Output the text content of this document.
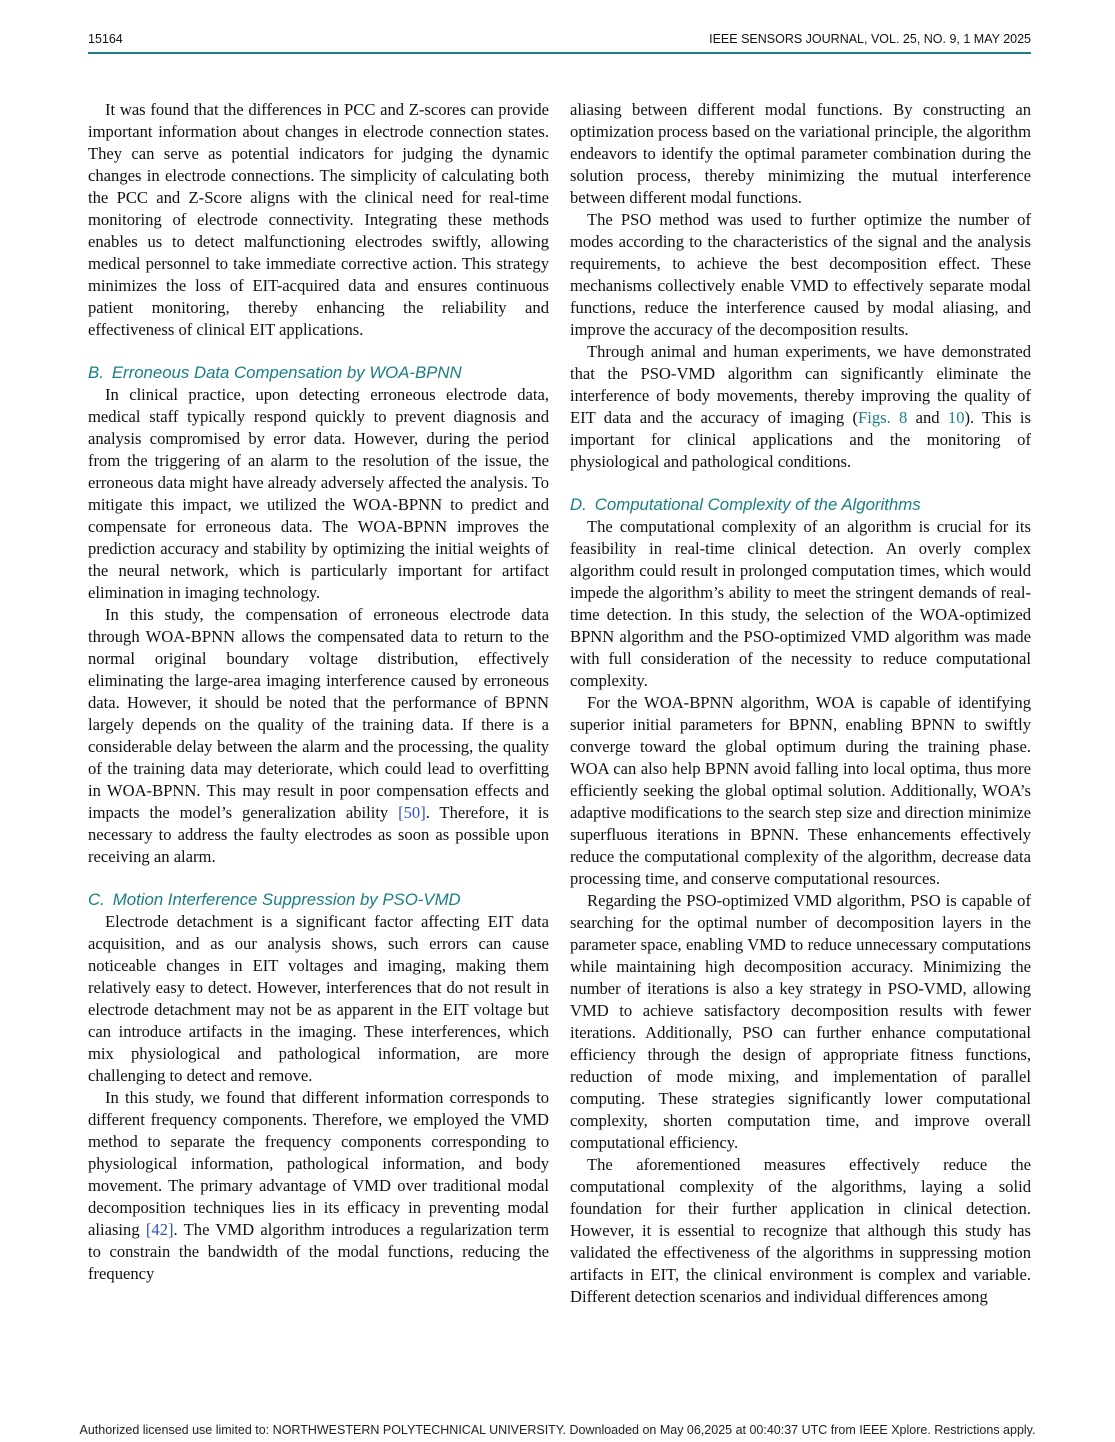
15164	IEEE SENSORS JOURNAL, VOL. 25, NO. 9, 1 MAY 2025

It was found that the differences in PCC and Z-scores can provide important information about changes in electrode connection states. They can serve as potential indicators for judging the dynamic changes in electrode connections. The simplicity of calculating both the PCC and Z-Score aligns with the clinical need for real-time monitoring of electrode connectivity. Integrating these methods enables us to detect malfunctioning electrodes swiftly, allowing medical personnel to take immediate corrective action. This strategy minimizes the loss of EIT-acquired data and ensures continuous patient monitoring, thereby enhancing the reliability and effectiveness of clinical EIT applications.

B. Erroneous Data Compensation by WOA-BPNN

In clinical practice, upon detecting erroneous electrode data, medical staff typically respond quickly to prevent diagnosis and analysis compromised by error data. However, during the period from the triggering of an alarm to the resolution of the issue, the erroneous data might have already adversely affected the analysis. To mitigate this impact, we utilized the WOA-BPNN to predict and compensate for erroneous data. The WOA-BPNN improves the prediction accuracy and stability by optimizing the initial weights of the neural network, which is particularly important for artifact elimination in imaging technology.

In this study, the compensation of erroneous electrode data through WOA-BPNN allows the compensated data to return to the normal original boundary voltage distribution, effectively eliminating the large-area imaging interference caused by erroneous data. However, it should be noted that the performance of BPNN largely depends on the quality of the training data. If there is a considerable delay between the alarm and the processing, the quality of the training data may deteriorate, which could lead to overfitting in WOA-BPNN. This may result in poor compensation effects and impacts the model’s generalization ability [50]. Therefore, it is necessary to address the faulty electrodes as soon as possible upon receiving an alarm.

C. Motion Interference Suppression by PSO-VMD

Electrode detachment is a significant factor affecting EIT data acquisition, and as our analysis shows, such errors can cause noticeable changes in EIT voltages and imaging, making them relatively easy to detect. However, interferences that do not result in electrode detachment may not be as apparent in the EIT voltage but can introduce artifacts in the imaging. These interferences, which mix physiological and pathological information, are more challenging to detect and remove.

In this study, we found that different information corresponds to different frequency components. Therefore, we employed the VMD method to separate the frequency components corresponding to physiological information, pathological information, and body movement. The primary advantage of VMD over traditional modal decomposition techniques lies in its efficacy in preventing modal aliasing [42]. The VMD algorithm introduces a regularization term to constrain the bandwidth of the modal functions, reducing the frequency

aliasing between different modal functions. By constructing an optimization process based on the variational principle, the algorithm endeavors to identify the optimal parameter combination during the solution process, thereby minimizing the mutual interference between different modal functions.

The PSO method was used to further optimize the number of modes according to the characteristics of the signal and the analysis requirements, to achieve the best decomposition effect. These mechanisms collectively enable VMD to effectively separate modal functions, reduce the interference caused by modal aliasing, and improve the accuracy of the decomposition results.

Through animal and human experiments, we have demonstrated that the PSO-VMD algorithm can significantly eliminate the interference of body movements, thereby improving the quality of EIT data and the accuracy of imaging (Figs. 8 and 10). This is important for clinical applications and the monitoring of physiological and pathological conditions.

D. Computational Complexity of the Algorithms

The computational complexity of an algorithm is crucial for its feasibility in real-time clinical detection. An overly complex algorithm could result in prolonged computation times, which would impede the algorithm’s ability to meet the stringent demands of real-time detection. In this study, the selection of the WOA-optimized BPNN algorithm and the PSO-optimized VMD algorithm was made with full consideration of the necessity to reduce computational complexity.

For the WOA-BPNN algorithm, WOA is capable of identifying superior initial parameters for BPNN, enabling BPNN to swiftly converge toward the global optimum during the training phase. WOA can also help BPNN avoid falling into local optima, thus more efficiently seeking the global optimal solution. Additionally, WOA’s adaptive modifications to the search step size and direction minimize superfluous iterations in BPNN. These enhancements effectively reduce the computational complexity of the algorithm, decrease data processing time, and conserve computational resources.

Regarding the PSO-optimized VMD algorithm, PSO is capable of searching for the optimal number of decomposition layers in the parameter space, enabling VMD to reduce unnecessary computations while maintaining high decomposition accuracy. Minimizing the number of iterations is also a key strategy in PSO-VMD, allowing VMD to achieve satisfactory decomposition results with fewer iterations. Additionally, PSO can further enhance computational efficiency through the design of appropriate fitness functions, reduction of mode mixing, and implementation of parallel computing. These strategies significantly lower computational complexity, shorten computation time, and improve overall computational efficiency.

The aforementioned measures effectively reduce the computational complexity of the algorithms, laying a solid foundation for their further application in clinical detection. However, it is essential to recognize that although this study has validated the effectiveness of the algorithms in suppressing motion artifacts in EIT, the clinical environment is complex and variable. Different detection scenarios and individual differences among

Authorized licensed use limited to: NORTHWESTERN POLYTECHNICAL UNIVERSITY. Downloaded on May 06,2025 at 00:40:37 UTC from IEEE Xplore. Restrictions apply.
